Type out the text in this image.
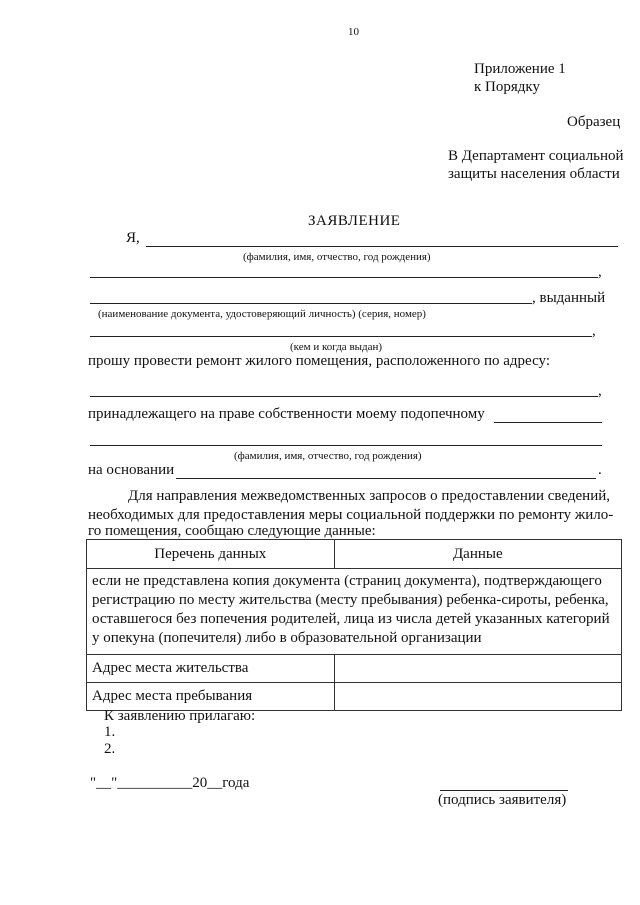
10
Приложение 1
к Порядку
Образец
В Департамент социальной
защиты населения области
ЗАЯВЛЕНИЕ
Я,
(фамилия, имя, отчество, год рождения)
,
, выданный
(наименование документа, удостоверяющий личность) (серия, номер)
,
(кем и когда выдан)
прошу провести ремонт жилого помещения, расположенного по адресу:
,
принадлежащего на праве собственности моему подопечному
(фамилия, имя, отчество, год рождения)
на основании	.
Для направления межведомственных запросов о предоставлении сведений,
необходимых для предоставления меры социальной поддержки по ремонту жило-
го помещения, сообщаю следующие данные:
Перечень данных	Данные
если не представлена копия документа (страниц документа), подтверждающего регистрацию по месту жительства (месту пребывания) ребенка-сироты, ребенка, оставшегося без попечения родителей, лица из числа детей указанных категорий у опекуна (попечителя) либо в образовательной организации	
Адрес места жительства	
Адрес места пребывания	
К заявлению прилагаю:
1.
2.
"__"__________20__года
(подпись заявителя)
